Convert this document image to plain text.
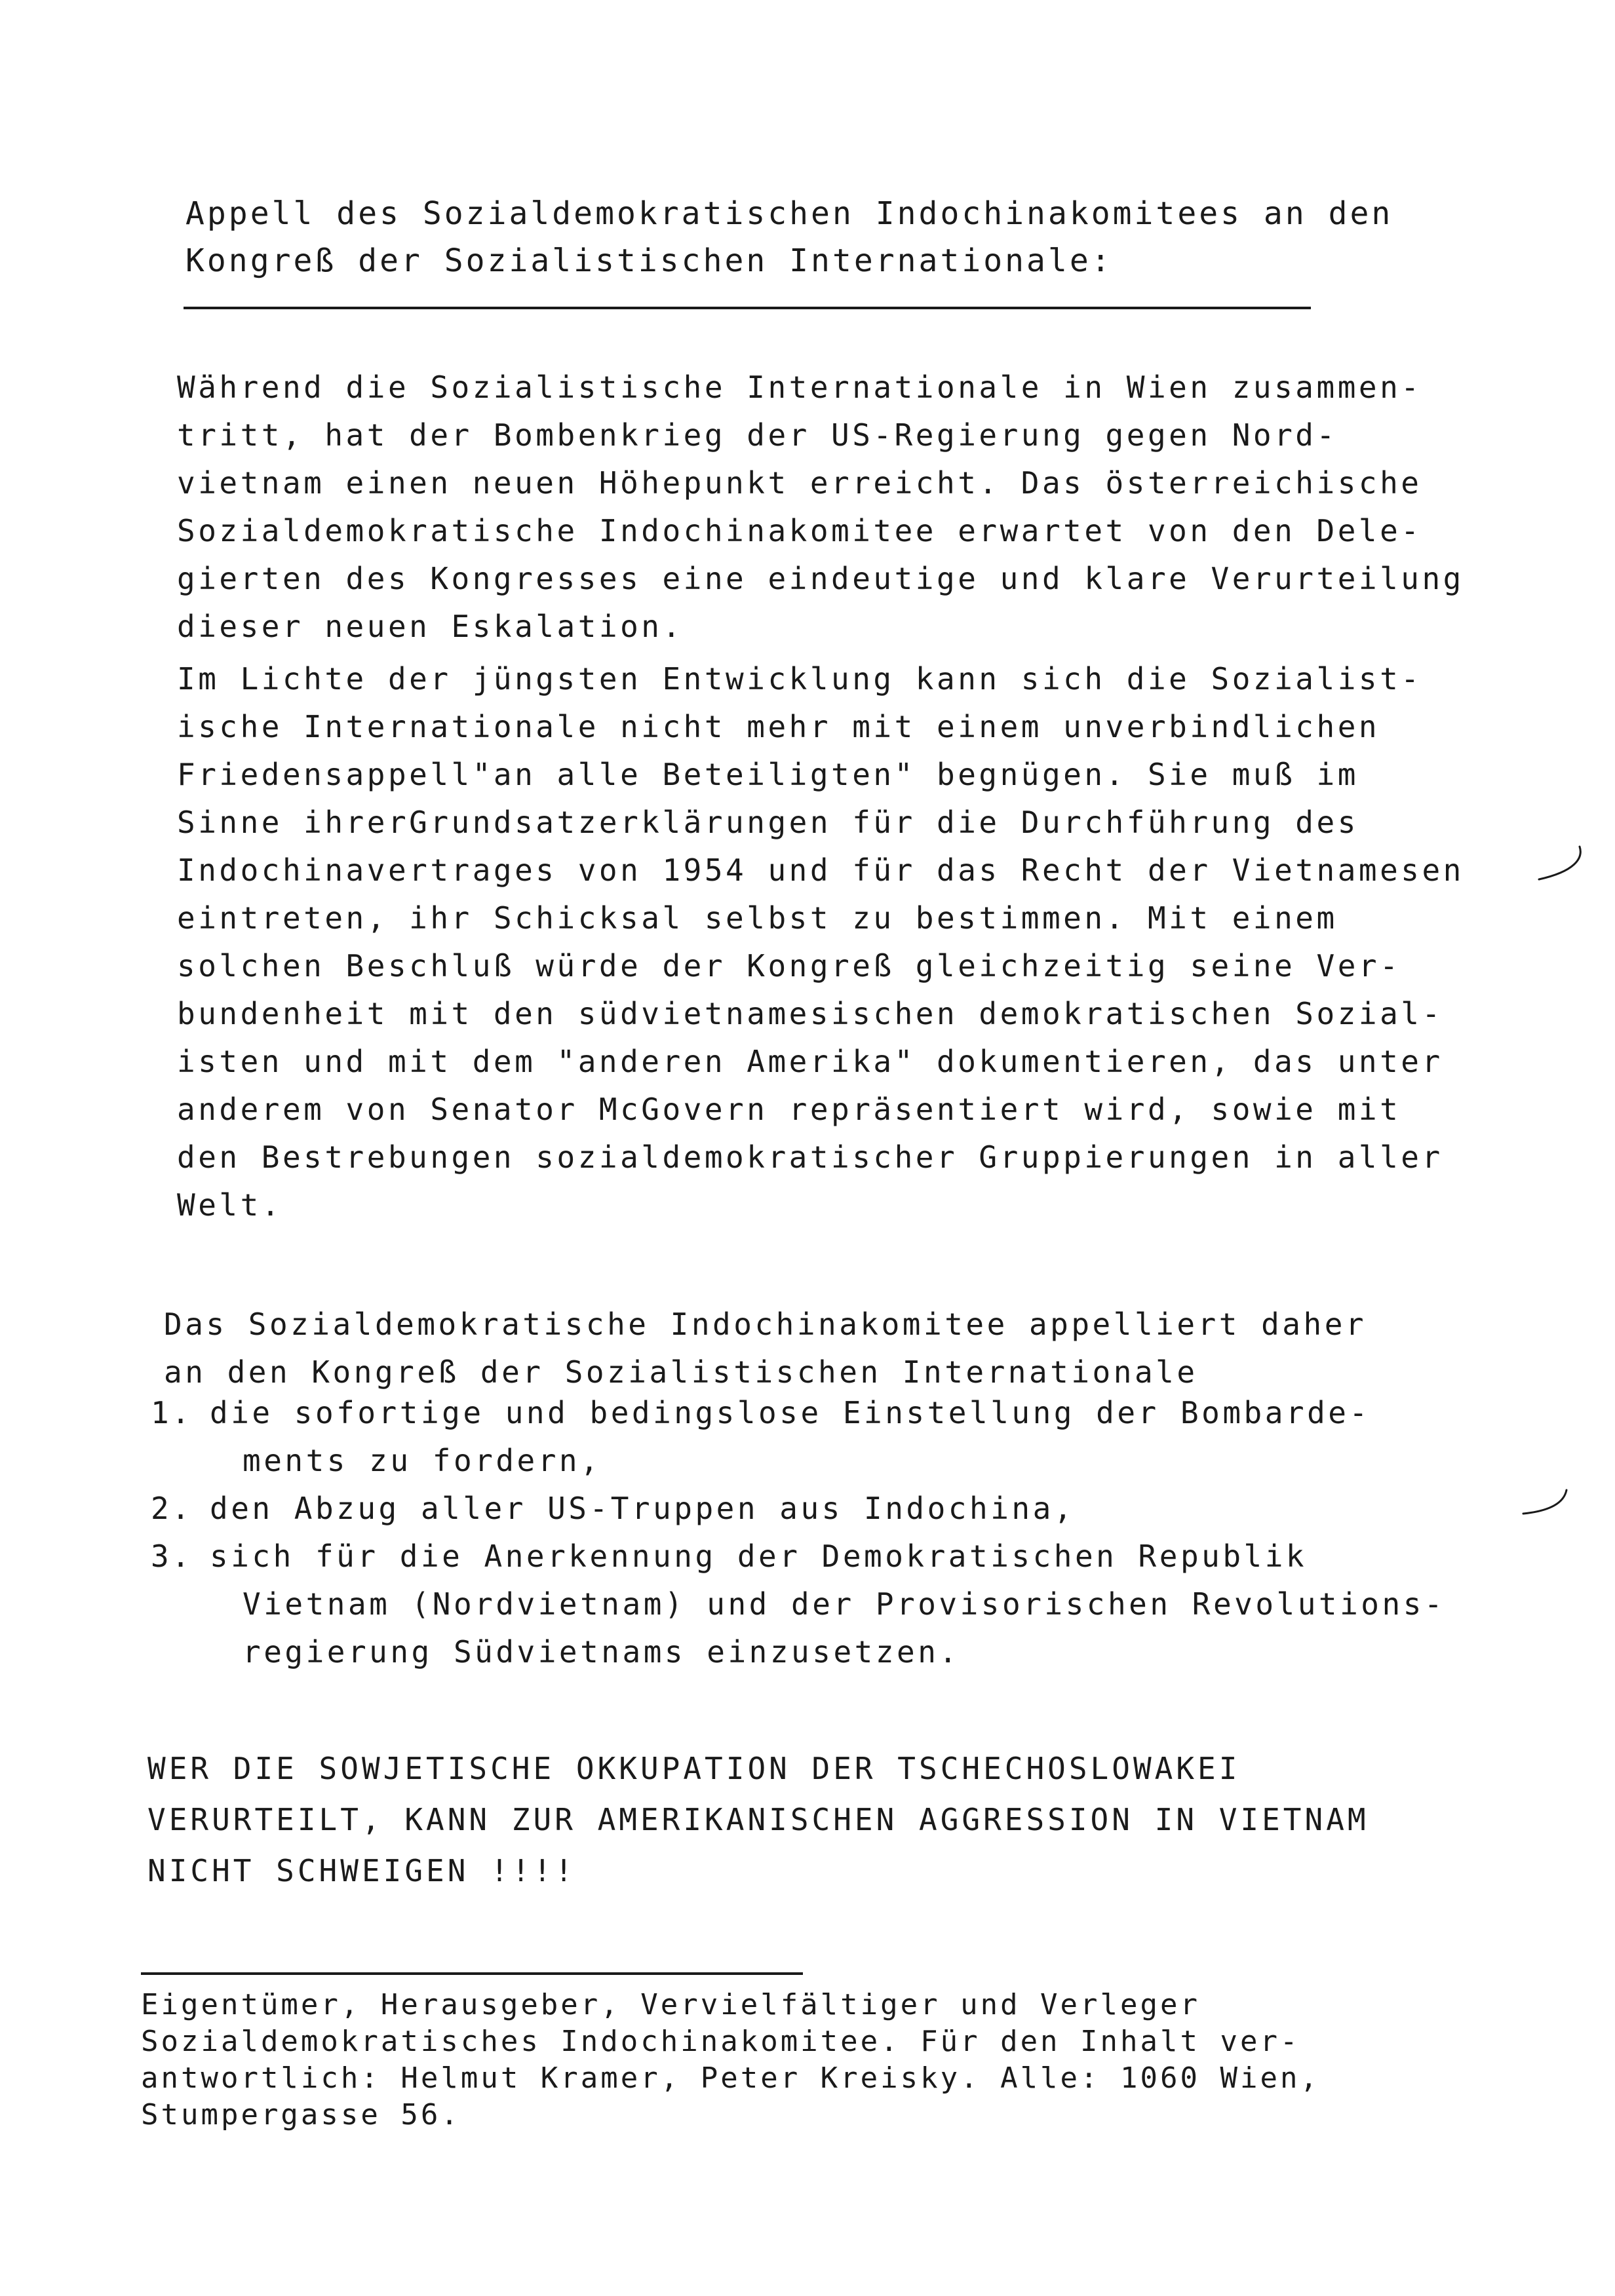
Appell des Sozialdemokratischen Indochinakomitees an den
Kongreß der Sozialistischen Internationale:
Während die Sozialistische Internationale in Wien zusammen-
tritt, hat der Bombenkrieg der US-Regierung gegen Nord-
vietnam einen neuen Höhepunkt erreicht. Das österreichische
Sozialdemokratische Indochinakomitee erwartet von den Dele-
gierten des Kongresses eine eindeutige und klare Verurteilung
dieser neuen Eskalation.
Im Lichte der jüngsten Entwicklung kann sich die Sozialist-
ische Internationale nicht mehr mit einem unverbindlichen
Friedensappell"an alle Beteiligten" begnügen. Sie muß im
Sinne ihrerGrundsatzerklärungen für die Durchführung des
Indochinavertrages von 1954 und für das Recht der Vietnamesen
eintreten, ihr Schicksal selbst zu bestimmen. Mit einem
solchen Beschluß würde der Kongreß gleichzeitig seine Ver-
bundenheit mit den südvietnamesischen demokratischen Sozial-
isten und mit dem "anderen Amerika" dokumentieren, das unter
anderem von Senator McGovern repräsentiert wird, sowie mit
den Bestrebungen sozialdemokratischer Gruppierungen in aller
Welt.
Das Sozialdemokratische Indochinakomitee appelliert daher
an den Kongreß der Sozialistischen Internationale
1. die sofortige und bedingslose Einstellung der Bombarde-
ments zu fordern,
2. den Abzug aller US-Truppen aus Indochina,
3. sich für die Anerkennung der Demokratischen Republik
Vietnam (Nordvietnam) und der Provisorischen Revolutions-
regierung Südvietnams einzusetzen.
WER DIE SOWJETISCHE OKKUPATION DER TSCHECHOSLOWAKEI
VERURTEILT, KANN ZUR AMERIKANISCHEN AGGRESSION IN VIETNAM
NICHT SCHWEIGEN !!!!
Eigentümer, Herausgeber, Vervielfältiger und Verleger
Sozialdemokratisches Indochinakomitee. Für den Inhalt ver-
antwortlich: Helmut Kramer, Peter Kreisky. Alle: 1060 Wien,
Stumpergasse 56.
